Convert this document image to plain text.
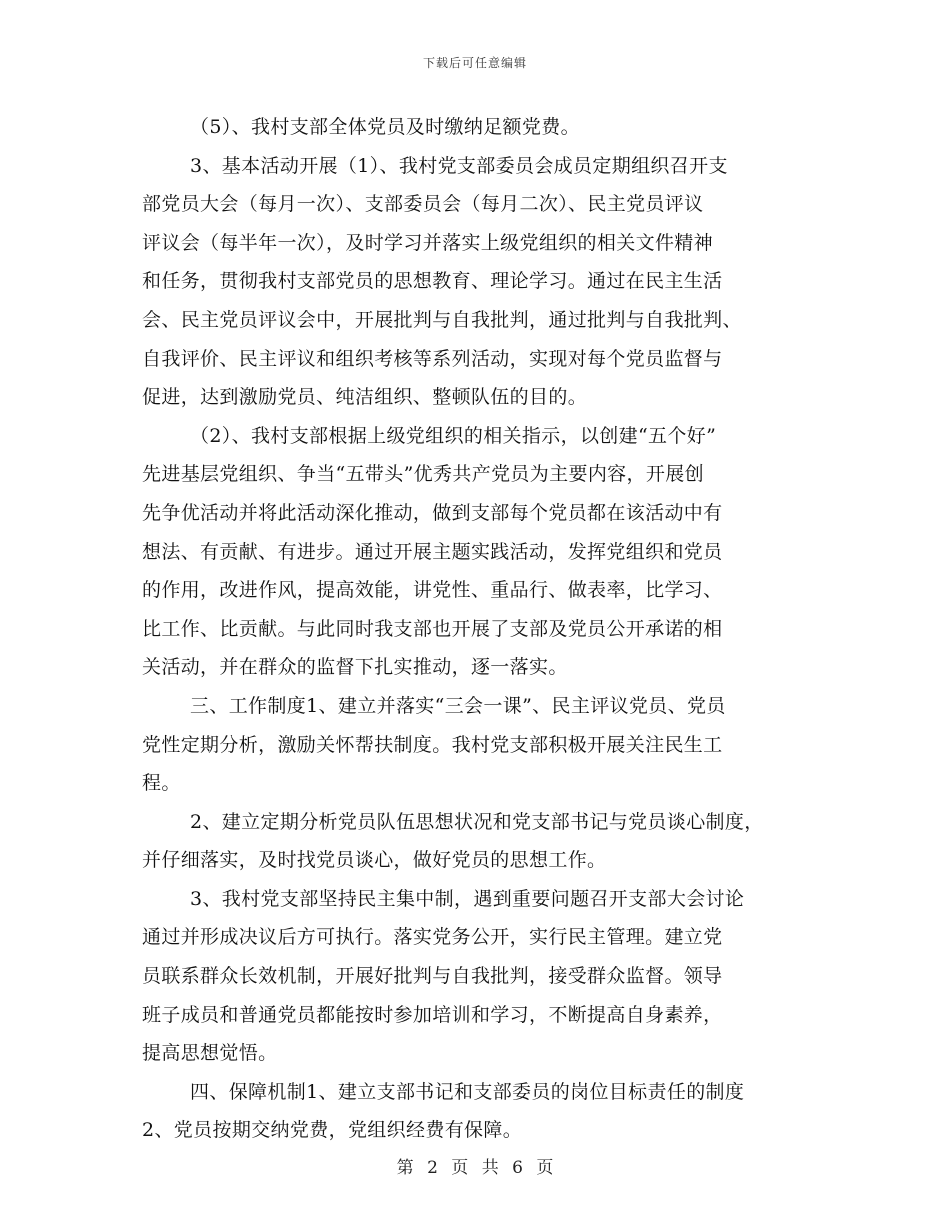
下载后可任意编辑
（5）、我村支部全体党员及时缴纳足额党费。
3、基本活动开展（1）、我村党支部委员会成员定期组织召开支
部党员大会（每月一次）、支部委员会（每月二次）、民主党员评议
评议会（每半年一次），及时学习并落实上级党组织的相关文件精神
和任务，贯彻我村支部党员的思想教育、理论学习。通过在民主生活
会、民主党员评议会中，开展批判与自我批判，通过批判与自我批判、
自我评价、民主评议和组织考核等系列活动，实现对每个党员监督与
促进，达到激励党员、纯洁组织、整顿队伍的目的。
（2）、我村支部根据上级党组织的相关指示，以创建“五个好”
先进基层党组织、争当“五带头”优秀共产党员为主要内容，开展创
先争优活动并将此活动深化推动，做到支部每个党员都在该活动中有
想法、有贡献、有进步。通过开展主题实践活动，发挥党组织和党员
的作用，改进作风，提高效能，讲党性、重品行、做表率，比学习、
比工作、比贡献。与此同时我支部也开展了支部及党员公开承诺的相
关活动，并在群众的监督下扎实推动，逐一落实。
三、工作制度1、建立并落实“三会一课”、民主评议党员、党员
党性定期分析，激励关怀帮扶制度。我村党支部积极开展关注民生工
程。
2、建立定期分析党员队伍思想状况和党支部书记与党员谈心制度，
并仔细落实，及时找党员谈心，做好党员的思想工作。
3、我村党支部坚持民主集中制，遇到重要问题召开支部大会讨论
通过并形成决议后方可执行。落实党务公开，实行民主管理。建立党
员联系群众长效机制，开展好批判与自我批判，接受群众监督。领导
班子成员和普通党员都能按时参加培训和学习，不断提高自身素养，
提高思想觉悟。
四、保障机制1、建立支部书记和支部委员的岗位目标责任的制度
2、党员按期交纳党费，党组织经费有保障。
第 2 页 共 6 页
